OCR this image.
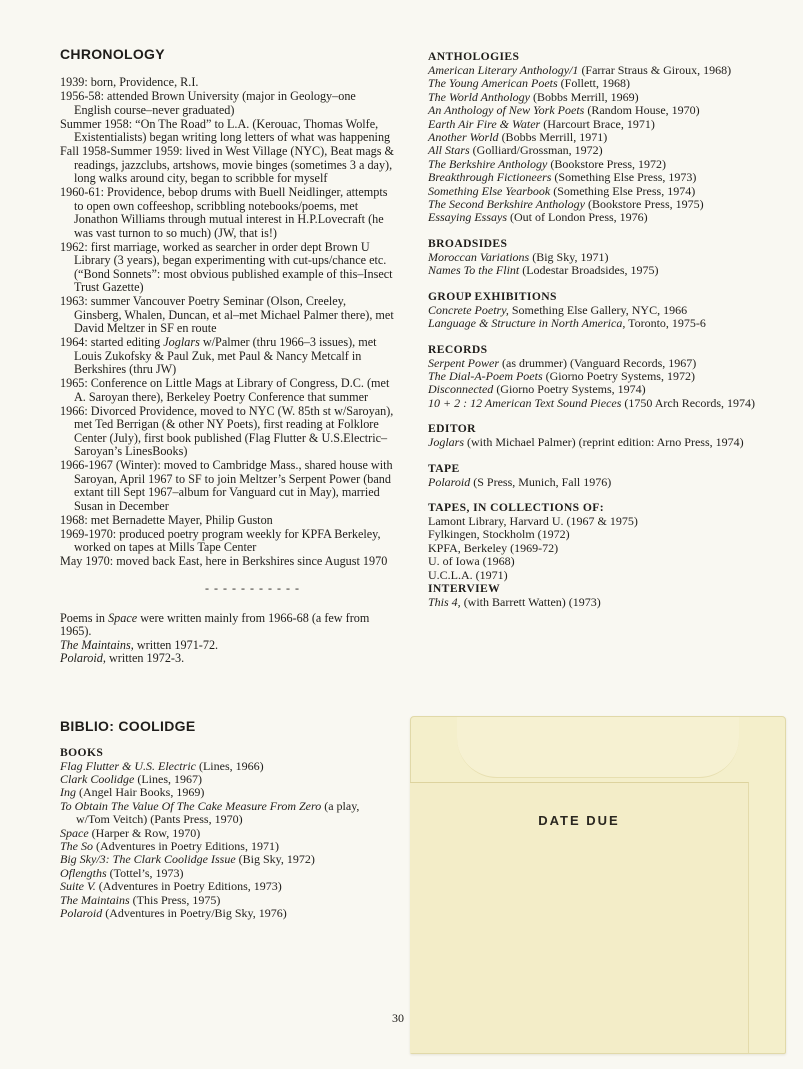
CHRONOLOGY
1939: born, Providence, R.I.
1956-58: attended Brown University (major in Geology–one English course–never graduated)
Summer 1958: “On The Road” to L.A. (Kerouac, Thomas Wolfe, Existentialists) began writing long letters of what was happening
Fall 1958-Summer 1959: lived in West Village (NYC), Beat mags & readings, jazzclubs, artshows, movie binges (sometimes 3 a day), long walks around city, began to scribble for myself
1960-61: Providence, bebop drums with Buell Neidlinger, attempts to open own coffeeshop, scribbling notebooks/poems, met Jonathon Williams through mutual interest in H.P.Lovecraft (he was vast turnon to so much) (JW, that is!)
1962: first marriage, worked as searcher in order dept Brown U Library (3 years), began experimenting with cut-ups/chance etc. (“Bond Sonnets”: most obvious published example of this–Insect Trust Gazette)
1963: summer Vancouver Poetry Seminar (Olson, Creeley, Ginsberg, Whalen, Duncan, et al–met Michael Palmer there), met David Meltzer in SF en route
1964: started editing Joglars w/Palmer (thru 1966–3 issues), met Louis Zukofsky & Paul Zuk, met Paul & Nancy Metcalf in Berkshires (thru JW)
1965: Conference on Little Mags at Library of Congress, D.C. (met A. Saroyan there), Berkeley Poetry Conference that summer
1966: Divorced Providence, moved to NYC (W. 85th st w/Saroyan), met Ted Berrigan (& other NY Poets), first reading at Folklore Center (July), first book published (Flag Flutter & U.S.Electric–Saroyan’s LinesBooks)
1966-1967 (Winter): moved to Cambridge Mass., shared house with Saroyan, April 1967 to SF to join Meltzer’s Serpent Power (band extant till Sept 1967–album for Vanguard cut in May), married Susan in December
1968: met Bernadette Mayer, Philip Guston
1969-1970: produced poetry program weekly for KPFA Berkeley, worked on tapes at Mills Tape Center
May 1970: moved back East, here in Berkshires since August 1970
- - - - - - - - - - -
Poems in Space were written mainly from 1966-68 (a few from 1965).
The Maintains, written 1971-72.
Polaroid, written 1972-3.
BIBLIO: COOLIDGE
BOOKS
Flag Flutter & U.S. Electric (Lines, 1966)
Clark Coolidge (Lines, 1967)
Ing (Angel Hair Books, 1969)
To Obtain The Value Of The Cake Measure From Zero (a play, w/Tom Veitch) (Pants Press, 1970)
Space (Harper & Row, 1970)
The So (Adventures in Poetry Editions, 1971)
Big Sky/3: The Clark Coolidge Issue (Big Sky, 1972)
Oflengths (Tottel’s, 1973)
Suite V. (Adventures in Poetry Editions, 1973)
The Maintains (This Press, 1975)
Polaroid (Adventures in Poetry/Big Sky, 1976)
ANTHOLOGIES
American Literary Anthology/1 (Farrar Straus & Giroux, 1968)
The Young American Poets (Follett, 1968)
The World Anthology (Bobbs Merrill, 1969)
An Anthology of New York Poets (Random House, 1970)
Earth Air Fire & Water (Harcourt Brace, 1971)
Another World (Bobbs Merrill, 1971)
All Stars (Golliard/Grossman, 1972)
The Berkshire Anthology (Bookstore Press, 1972)
Breakthrough Fictioneers (Something Else Press, 1973)
Something Else Yearbook (Something Else Press, 1974)
The Second Berkshire Anthology (Bookstore Press, 1975)
Essaying Essays (Out of London Press, 1976)
BROADSIDES
Moroccan Variations (Big Sky, 1971)
Names To the Flint (Lodestar Broadsides, 1975)
GROUP EXHIBITIONS
Concrete Poetry, Something Else Gallery, NYC, 1966
Language & Structure in North America, Toronto, 1975-6
RECORDS
Serpent Power (as drummer) (Vanguard Records, 1967)
The Dial-A-Poem Poets (Giorno Poetry Systems, 1972)
Disconnected (Giorno Poetry Systems, 1974)
10 + 2 : 12 American Text Sound Pieces (1750 Arch Records, 1974)
EDITOR
Joglars (with Michael Palmer) (reprint edition: Arno Press, 1974)
TAPE
Polaroid (S Press, Munich, Fall 1976)
TAPES, IN COLLECTIONS OF:
Lamont Library, Harvard U. (1967 & 1975)
Fylkingen, Stockholm (1972)
KPFA, Berkeley (1969-72)
U. of Iowa (1968)
U.C.L.A. (1971)
INTERVIEW
This 4, (with Barrett Watten) (1973)
DATE DUE
30
